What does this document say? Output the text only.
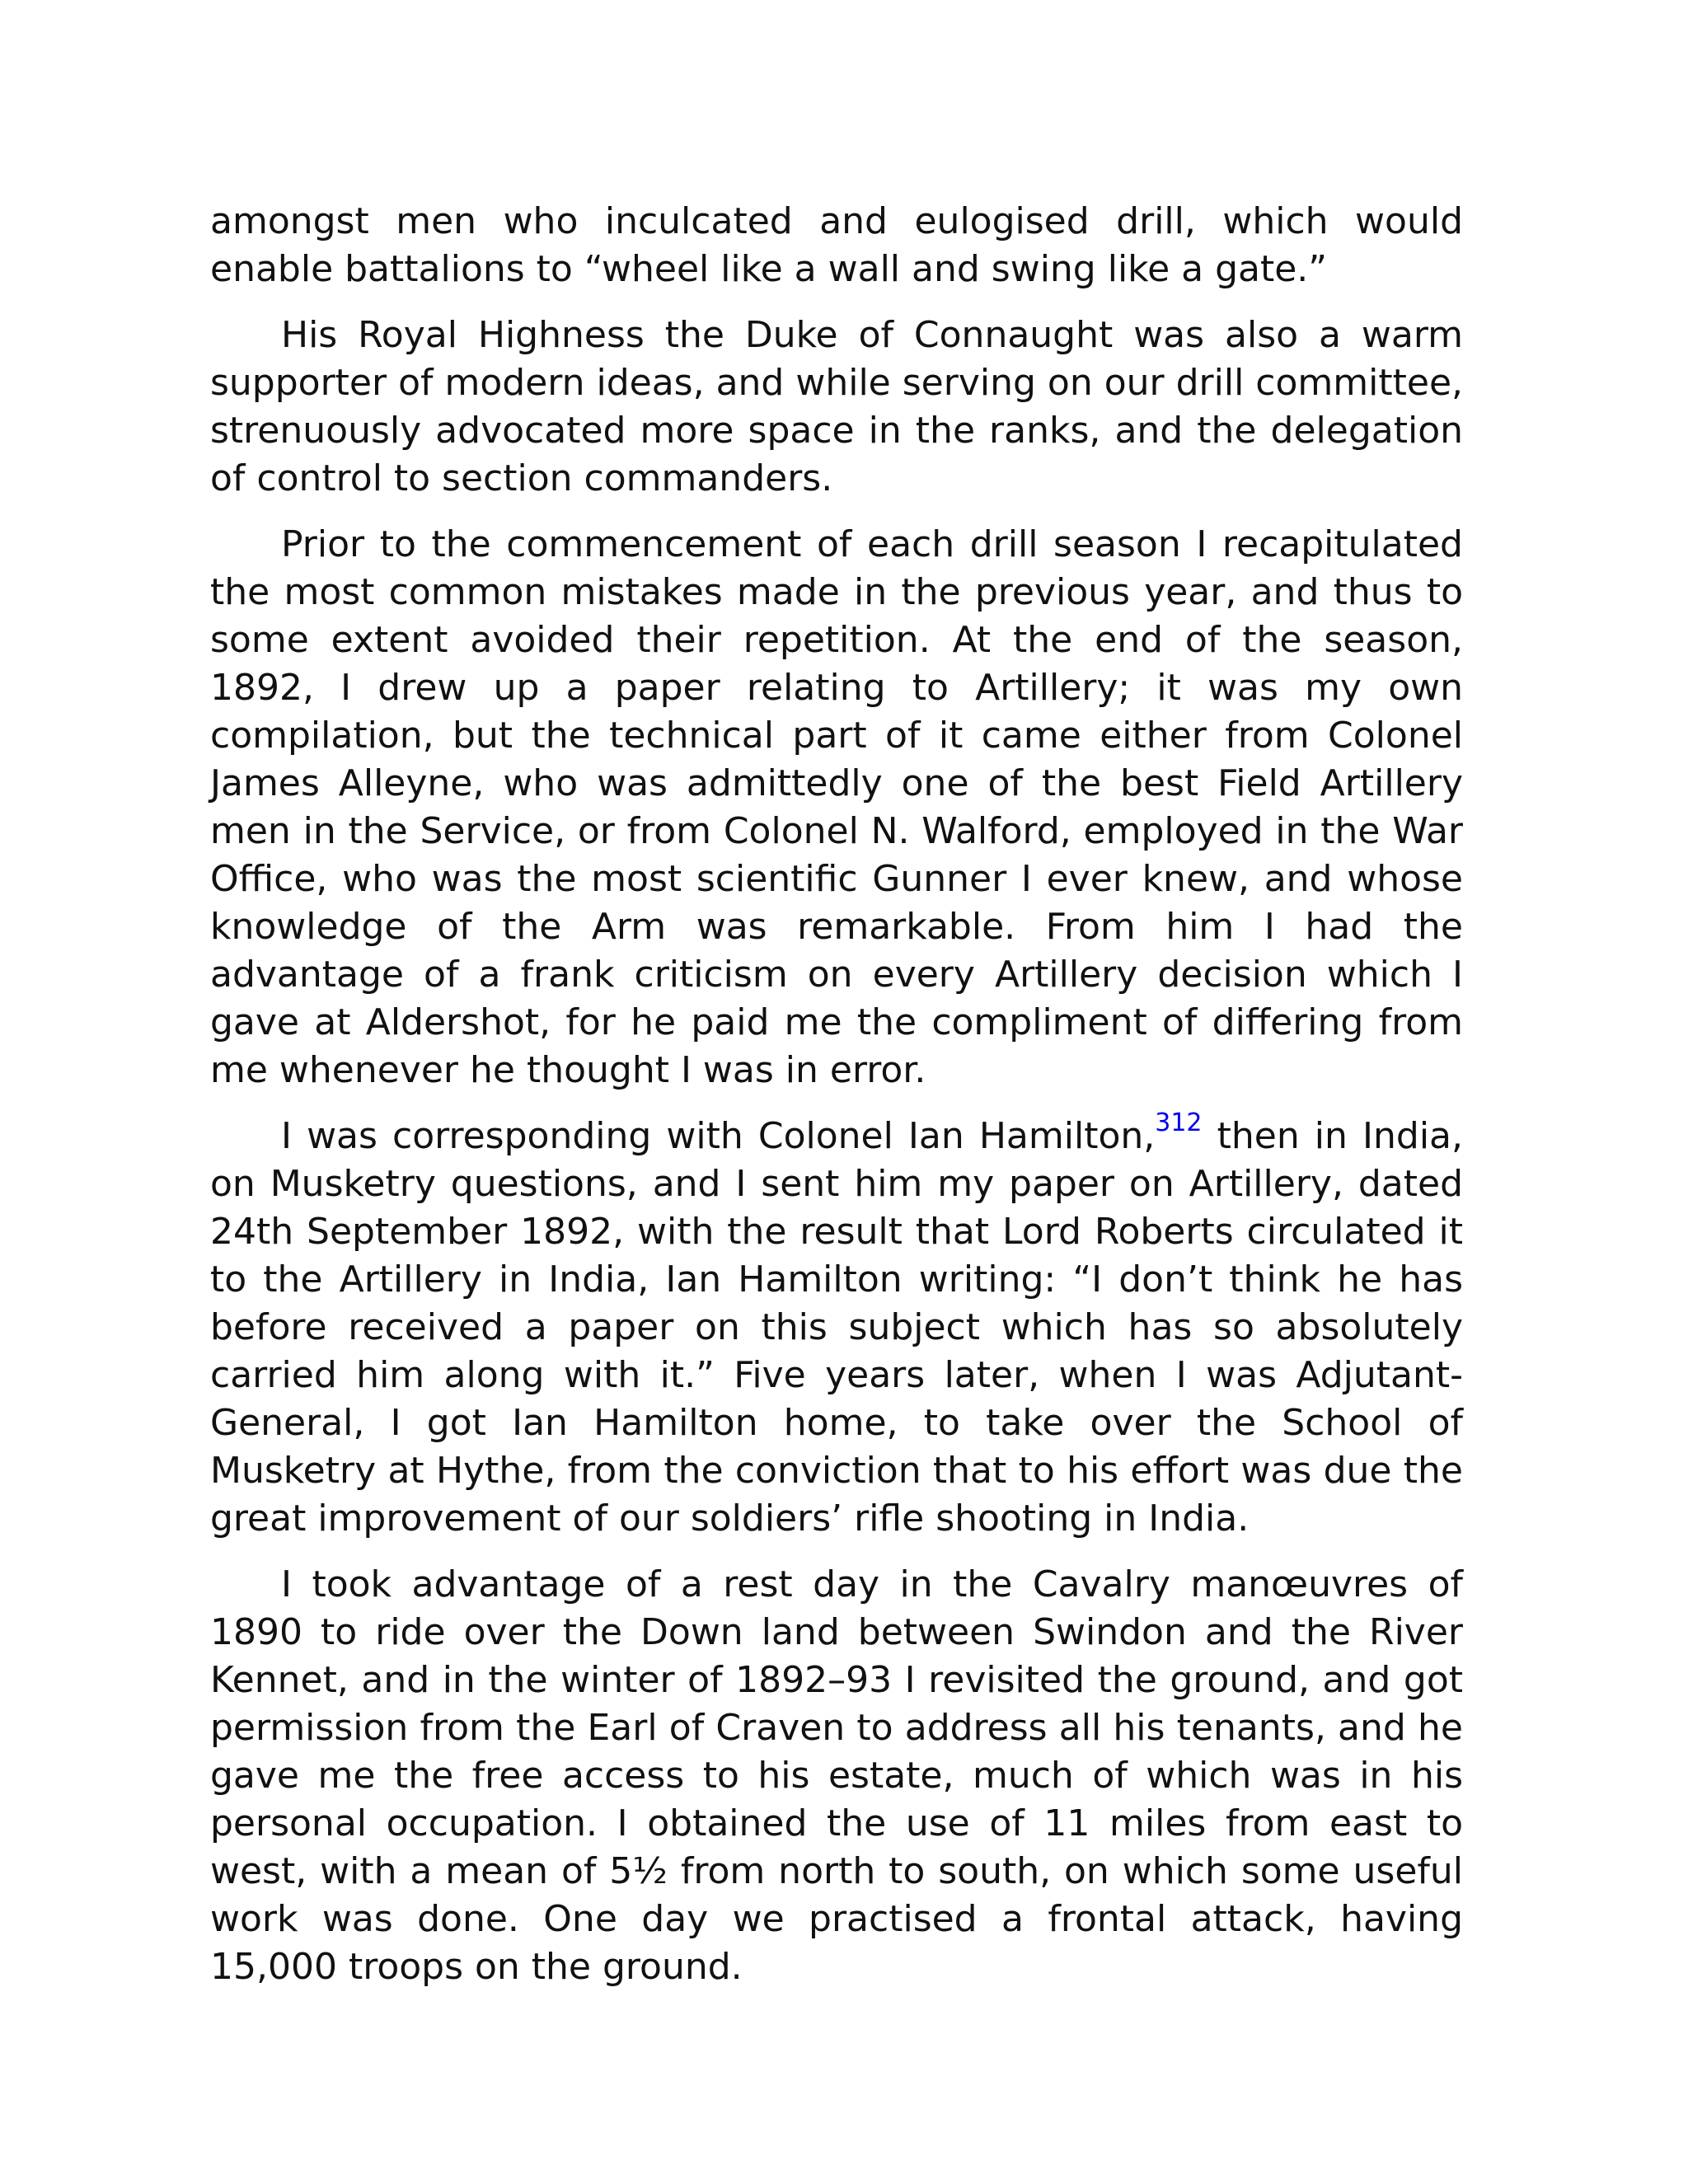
amongst men who inculcated and eulogised drill, which would enable battalions to “wheel like a wall and swing like a gate.”

His Royal Highness the Duke of Connaught was also a warm supporter of modern ideas, and while serving on our drill committee, strenuously advocated more space in the ranks, and the delegation of control to section commanders.

Prior to the commencement of each drill season I recapitulated the most common mistakes made in the previous year, and thus to some extent avoided their repetition. At the end of the season, 1892, I drew up a paper relating to Artillery; it was my own compilation, but the technical part of it came either from Colonel James Alleyne, who was admittedly one of the best Field Artillery men in the Service, or from Colonel N. Walford, employed in the War Office, who was the most scientific Gunner I ever knew, and whose knowledge of the Arm was remarkable. From him I had the advantage of a frank criticism on every Artillery decision which I gave at Aldershot, for he paid me the compliment of differing from me whenever he thought I was in error.

I was corresponding with Colonel Ian Hamilton,$^{312}$ then in India, on Musketry questions, and I sent him my paper on Artillery, dated 24th September 1892, with the result that Lord Roberts circulated it to the Artillery in India, Ian Hamilton writing: “I don’t think he has before received a paper on this subject which has so absolutely carried him along with it.” Five years later, when I was Adjutant-General, I got Ian Hamilton home, to take over the School of Musketry at Hythe, from the conviction that to his effort was due the great improvement of our soldiers’ rifle shooting in India.

I took advantage of a rest day in the Cavalry manœuvres of 1890 to ride over the Down land between Swindon and the River Kennet, and in the winter of 1892–93 I revisited the ground, and got permission from the Earl of Craven to address all his tenants, and he gave me the free access to his estate, much of which was in his personal occupation. I obtained the use of 11 miles from east to west, with a mean of 5½ from north to south, on which some useful work was done. One day we practised a frontal attack, having 15,000 troops on the ground.
